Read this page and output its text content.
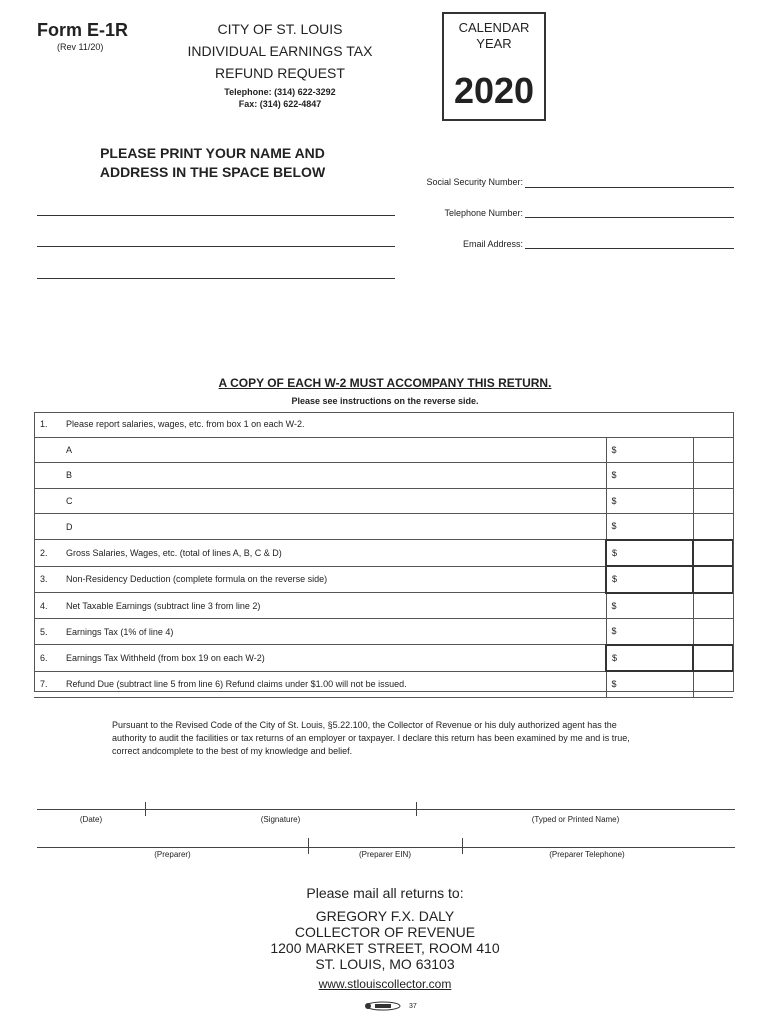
Form E-1R
(Rev 11/20)
CITY OF ST. LOUIS
INDIVIDUAL EARNINGS TAX
REFUND REQUEST
Telephone: (314) 622-3292
Fax: (314) 622-4847
CALENDAR
YEAR
2020
PLEASE PRINT YOUR NAME AND
ADDRESS IN THE SPACE BELOW
Social Security Number:
Telephone Number:
Email Address:
A COPY OF EACH W-2 MUST ACCOMPANY THIS RETURN.
Please see instructions on the reverse side.
1.	Please report salaries, wages, etc. from box 1 on each W-2.		
	A	$	
	B	$	
	C	$	
	D	$	
2.	Gross Salaries, Wages, etc. (total of lines A, B, C & D)	$	
3.	Non-Residency Deduction (complete formula on the reverse side)	$	
4.	Net Taxable Earnings (subtract line 3 from line 2)	$	
5.	Earnings Tax (1% of line 4)	$	
6.	Earnings Tax Withheld (from box 19 on each W-2)	$	
7.	Refund Due (subtract line 5 from line 6) Refund claims under $1.00 will not be issued.	$	
Pursuant to the Revised Code of the City of St. Louis, §5.22.100, the Collector of Revenue or his duly authorized agent has the authority to audit the facilities or tax returns of an employer or taxpayer. I declare this return has been examined by me and is true, correct andcomplete to the best of my knowledge and belief.
(Date)	(Signature)	(Typed or Printed Name)
(Preparer)	(Preparer EIN)	(Preparer Telephone)
Please mail all returns to:
GREGORY F.X. DALY
COLLECTOR OF REVENUE
1200 MARKET STREET, ROOM 410
ST. LOUIS, MO 63103
www.stlouiscollector.com
37
